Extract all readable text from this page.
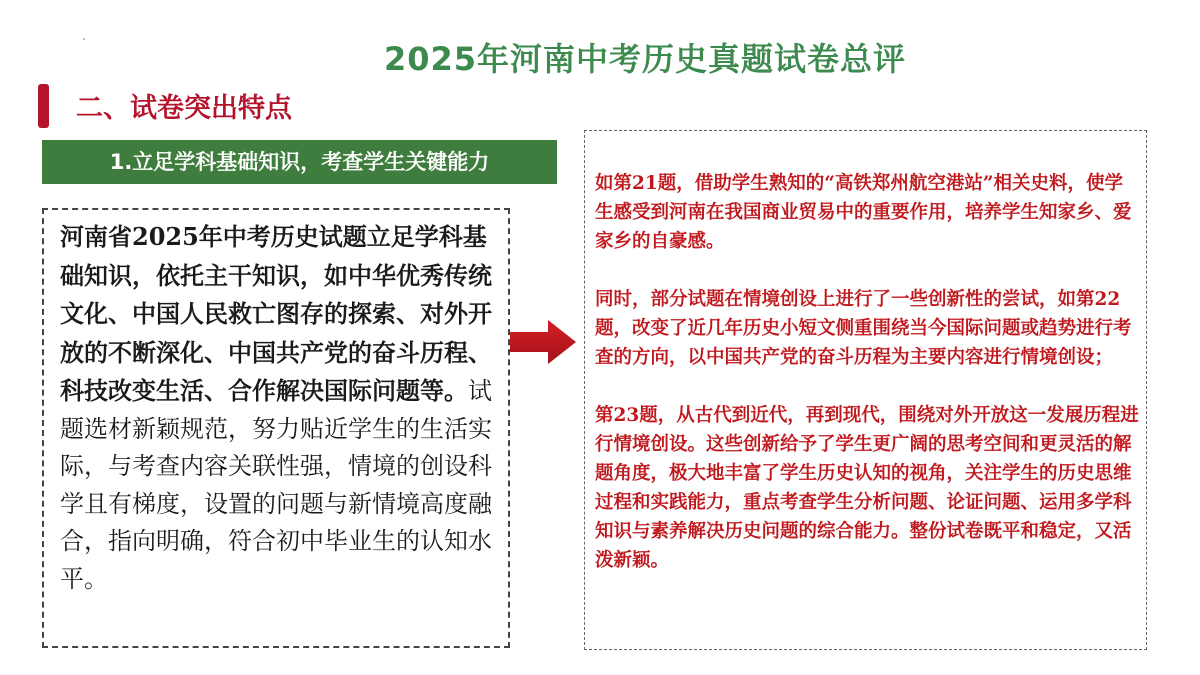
2025年河南中考历史真题试卷总评
二、试卷突出特点
1.立足学科基础知识，考查学生关键能力
河南省2025年中考历史试题立足学科基础知识，依托主干知识，如中华优秀传统文化、中国人民救亡图存的探索、对外开放的不断深化、中国共产党的奋斗历程、科技改变生活、合作解决国际问题等。试题选材新颖规范，努力贴近学生的生活实际，与考查内容关联性强，情境的创设科学且有梯度，设置的问题与新情境高度融合，指向明确，符合初中毕业生的认知水平。

如第21题，借助学生熟知的“高铁郑州航空港站”相关史料，使学生感受到河南在我国商业贸易中的重要作用，培养学生知家乡、爱家乡的自豪感。

同时，部分试题在情境创设上进行了一些创新性的尝试，如第22题，改变了近几年历史小短文侧重围绕当今国际问题或趋势进行考查的方向，以中国共产党的奋斗历程为主要内容进行情境创设；

第23题，从古代到近代，再到现代，围绕对外开放这一发展历程进行情境创设。这些创新给予了学生更广阔的思考空间和更灵活的解题角度，极大地丰富了学生历史认知的视角，关注学生的历史思维过程和实践能力，重点考查学生分析问题、论证问题、运用多学科知识与素养解决历史问题的综合能力。整份试卷既平和稳定，又活泼新颖。
